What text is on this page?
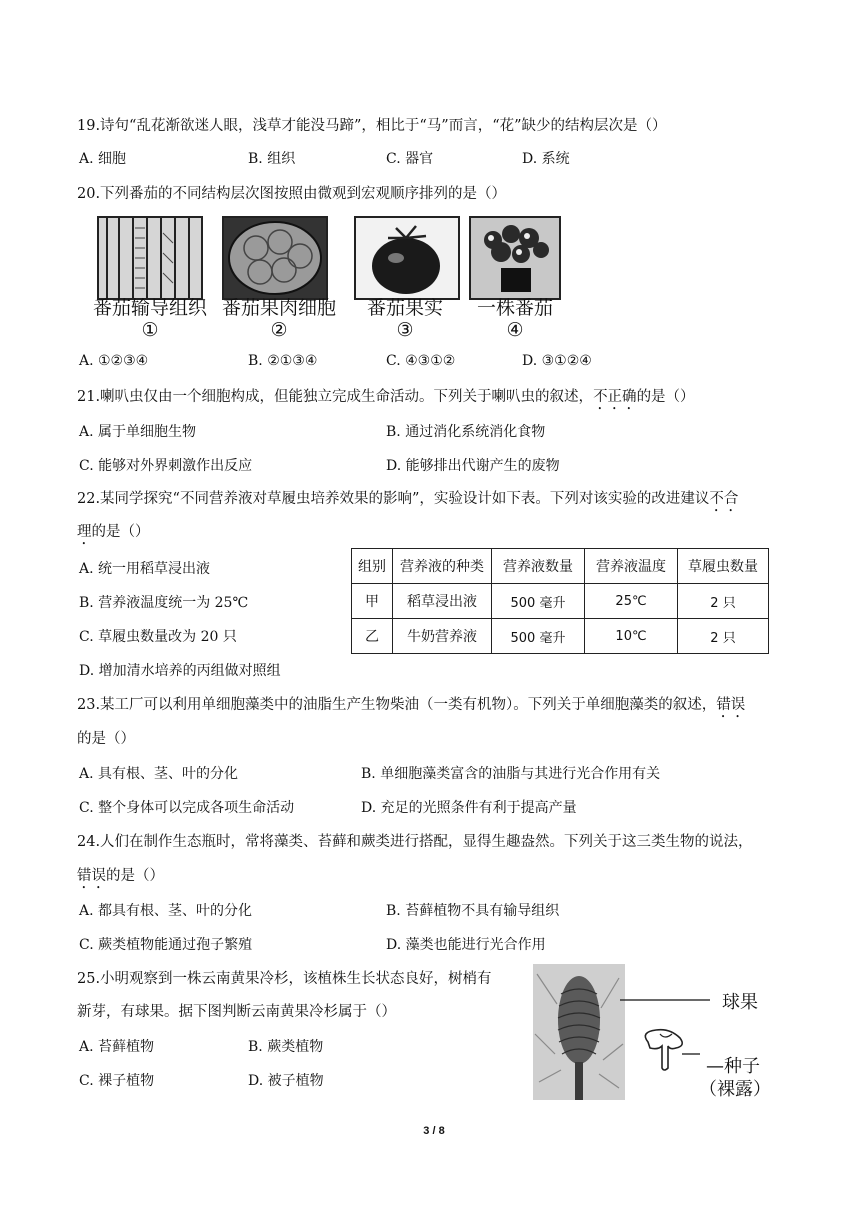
19.诗句“乱花渐欲迷人眼，浅草才能没马蹄”，相比于“马”而言，“花”缺少的结构层次是（）
A. 细胞	B. 组织	C. 器官	D. 系统
20.下列番茄的不同结构层次图按照由微观到宏观顺序排列的是（）
番茄输导组织
①
番茄果肉细胞
②
番茄果实
③
一株番茄
④
A. ①②③④	B. ②①③④	C. ④③①②	D. ③①②④
21.喇叭虫仅由一个细胞构成，但能独立完成生命活动。下列关于喇叭虫的叙述，不正确的是（）
A. 属于单细胞生物	B. 通过消化系统消化食物
C. 能够对外界刺激作出反应	D. 能够排出代谢产生的废物
22.某同学探究“不同营养液对草履虫培养效果的影响”，实验设计如下表。下列对该实验的改进建议不合
理的是（）
A. 统一用稻草浸出液
B. 营养液温度统一为 25℃
C. 草履虫数量改为 20 只
D. 增加清水培养的丙组做对照组
组别	营养液的种类	营养液数量	营养液温度	草履虫数量
甲	稻草浸出液	500 毫升	25℃	2 只
乙	牛奶营养液	500 毫升	10℃	2 只
23.某工厂可以利用单细胞藻类中的油脂生产生物柴油（一类有机物）。下列关于单细胞藻类的叙述，错误
的是（）
A. 具有根、茎、叶的分化	B. 单细胞藻类富含的油脂与其进行光合作用有关
C. 整个身体可以完成各项生命活动	D. 充足的光照条件有利于提高产量
24.人们在制作生态瓶时，常将藻类、苔藓和蕨类进行搭配，显得生趣盎然。下列关于这三类生物的说法，
错误的是（）
A. 都具有根、茎、叶的分化	B. 苔藓植物不具有输导组织
C. 蕨类植物能通过孢子繁殖	D. 藻类也能进行光合作用
25.小明观察到一株云南黄果冷杉，该植株生长状态良好，树梢有
新芽，有球果。据下图判断云南黄果冷杉属于（）
A. 苔藓植物	B. 蕨类植物
C. 裸子植物	D. 被子植物
球果
—种子
（裸露）
3 / 8
